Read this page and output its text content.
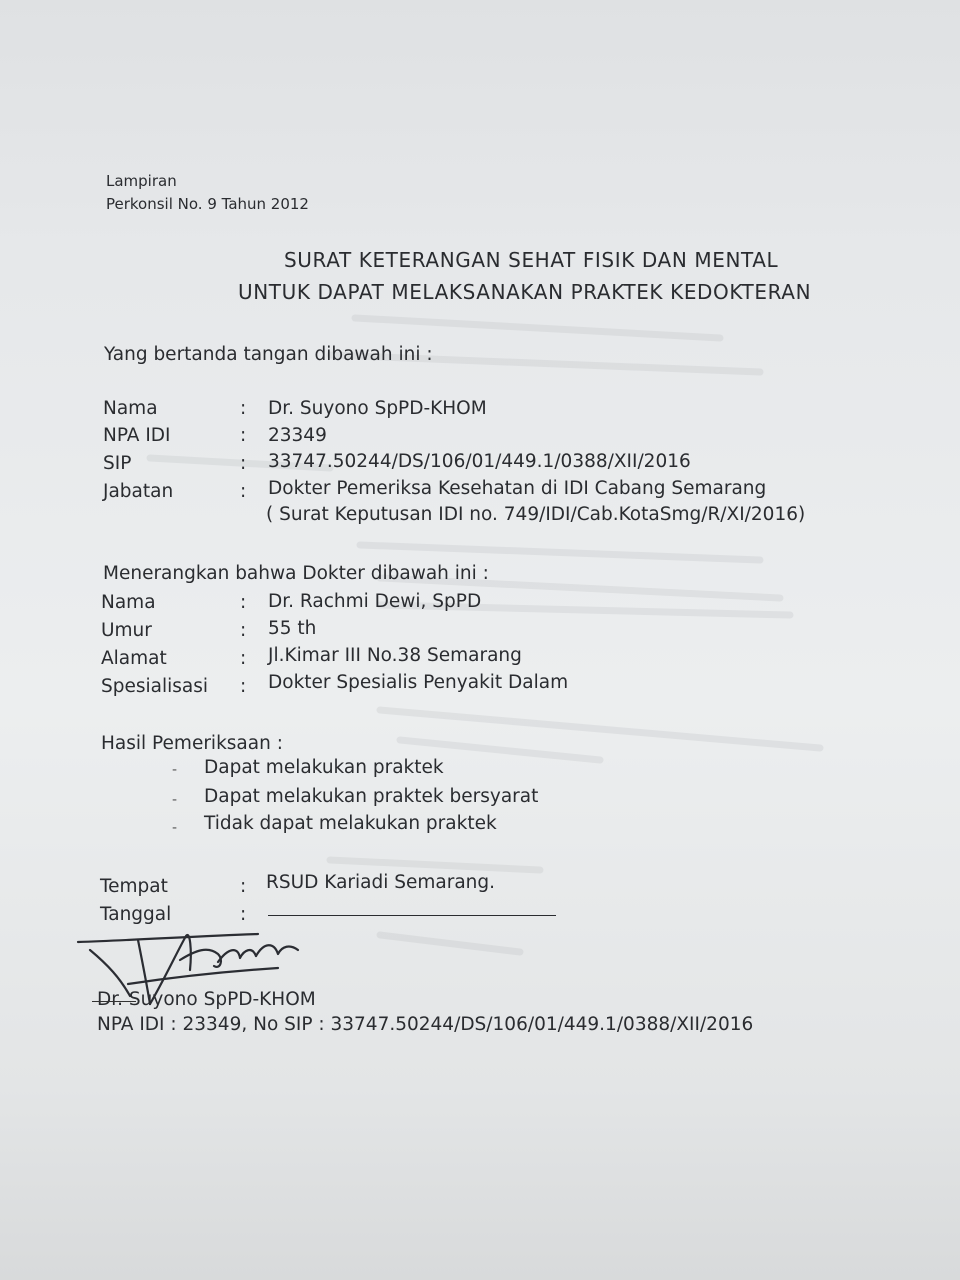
Lampiran
Perkonsil No. 9 Tahun 2012
SURAT KETERANGAN SEHAT FISIK DAN MENTAL
UNTUK DAPAT MELAKSANAKAN PRAKTEK KEDOKTERAN
Yang bertanda tangan dibawah ini :
Nama	: Dr. Suyono SpPD-KHOM
NPA IDI	: 23349
SIP	: 33747.50244/DS/106/01/449.1/0388/XII/2016
Jabatan	: Dokter Pemeriksa Kesehatan di IDI Cabang Semarang
( Surat Keputusan IDI no. 749/IDI/Cab.KotaSmg/R/XI/2016)
Menerangkan bahwa Dokter dibawah ini :
Nama	: Dr. Rachmi Dewi, SpPD
Umur	: 55 th
Alamat	: Jl.Kimar III No.38 Semarang
Spesialisasi : Dokter Spesialis Penyakit Dalam
Hasil Pemeriksaan :
- Dapat melakukan praktek
- Dapat melakukan praktek bersyarat
- Tidak dapat melakukan praktek
Tempat	: RSUD Kariadi Semarang.
Tanggal	:
Dr. Suyono SpPD-KHOM
NPA IDI : 23349, No SIP : 33747.50244/DS/106/01/449.1/0388/XII/2016
